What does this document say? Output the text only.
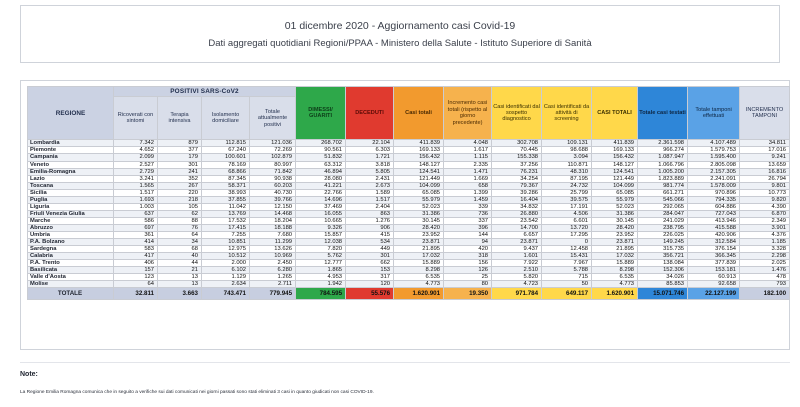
01 dicembre 2020 - Aggiornamento casi Covid-19
Dati aggregati quotidiani Regioni/PPAA - Ministero della Salute - Istituto Superiore di Sanità
REGIONE	POSITIVI SARS-CoV2				DIMESSI/ GUARITI	DECEDUTI	Casi totali	Incremento casi totali (rispetto al giorno precedente)	Casi identificati dal sospetto diagnostico	Casi identificati da attività di screening	CASI TOTALI	Totale casi testati	Totale tamponi effettuati	INCREMENTO TAMPONI
	Ricoverati con sintomi	Terapia intensiva	Isolamento domiciliare	Totale attualmente positivi										
Lombardia	7.342	879	112.815	121.036	268.702	22.104	411.839	4.048	302.708	109.131	411.839	2.361.598	4.107.489	34.811
Piemonte	4.652	377	67.240	72.269	90.561	6.303	169.133	1.617	70.445	98.688	169.133	966.274	1.579.753	17.016
Campania	2.099	179	100.601	102.879	51.832	1.721	156.432	1.115	155.338	3.094	156.432	1.087.947	1.595.400	9.241
Veneto	2.527	301	78.169	80.997	63.312	3.818	148.127	2.335	37.256	110.871	148.127	1.066.796	2.805.098	13.659
Emilia-Romagna	2.729	241	68.866	71.842	46.894	5.805	124.541	1.471	76.231	48.310	124.541	1.005.200	2.157.305	16.816
Lazio	3.241	352	87.345	90.938	28.080	2.431	121.449	1.669	34.254	87.195	121.449	1.823.889	2.241.091	26.794
Toscana	1.565	267	58.371	60.203	41.221	2.673	104.099	658	79.367	24.732	104.099	981.774	1.578.009	9.801
Sicilia	1.517	220	38.993	40.730	22.766	1.589	65.085	1.399	39.286	25.799	65.085	661.271	970.896	10.773
Puglia	1.693	218	37.855	39.766	14.696	1.517	55.979	1.459	16.404	39.575	55.979	545.066	794.335	9.820
Liguria	1.003	105	11.042	12.150	37.469	2.404	52.023	339	34.832	17.191	52.023	292.065	604.886	4.390
Friuli Venezia Giulia	637	62	13.769	14.468	16.055	863	31.386	736	26.880	4.506	31.386	284.047	727.043	6.870
Marche	586	88	17.532	18.204	10.665	1.276	30.145	337	23.542	6.601	30.145	241.029	413.946	2.349
Abruzzo	697	76	17.415	18.188	9.326	906	28.420	396	14.700	13.720	28.420	238.795	415.588	3.901
Umbria	361	64	7.255	7.680	15.857	415	23.952	144	6.657	17.295	23.952	226.025	420.906	4.376
P.A. Bolzano	414	34	10.851	11.299	12.038	534	23.871	94	23.871	0	23.871	149.245	312.584	1.185
Sardegna	583	68	12.975	13.626	7.820	449	21.895	420	9.437	12.458	21.895	315.735	376.154	3.328
Calabria	417	40	10.512	10.969	5.762	301	17.032	318	1.601	15.431	17.032	356.721	366.345	2.298
P.A. Trento	406	44	2.000	2.450	12.777	662	15.889	156	7.922	7.967	15.889	138.084	377.839	2.025
Basilicata	157	21	6.102	6.280	1.865	153	8.298	126	2.510	5.788	8.298	152.306	153.181	1.476
Valle d'Aosta	123	13	1.129	1.265	4.953	317	6.535	25	5.820	715	6.535	34.026	60.913	478
Molise	64	13	2.634	2.711	1.942	120	4.773	80	4.723	50	4.773	85.853	92.658	793
TOTALE	32.811	3.663	743.471	779.945	784.595	55.576	1.620.901	19.350	971.784	649.117	1.620.901	15.071.746	22.127.199	182.100
Note:
La Regione Emilia Romagna comunica che in seguito a verifiche sui dati comunicati nei giorni passati sono stati eliminati 3 casi in quanto giudicati non casi COVID-19.
